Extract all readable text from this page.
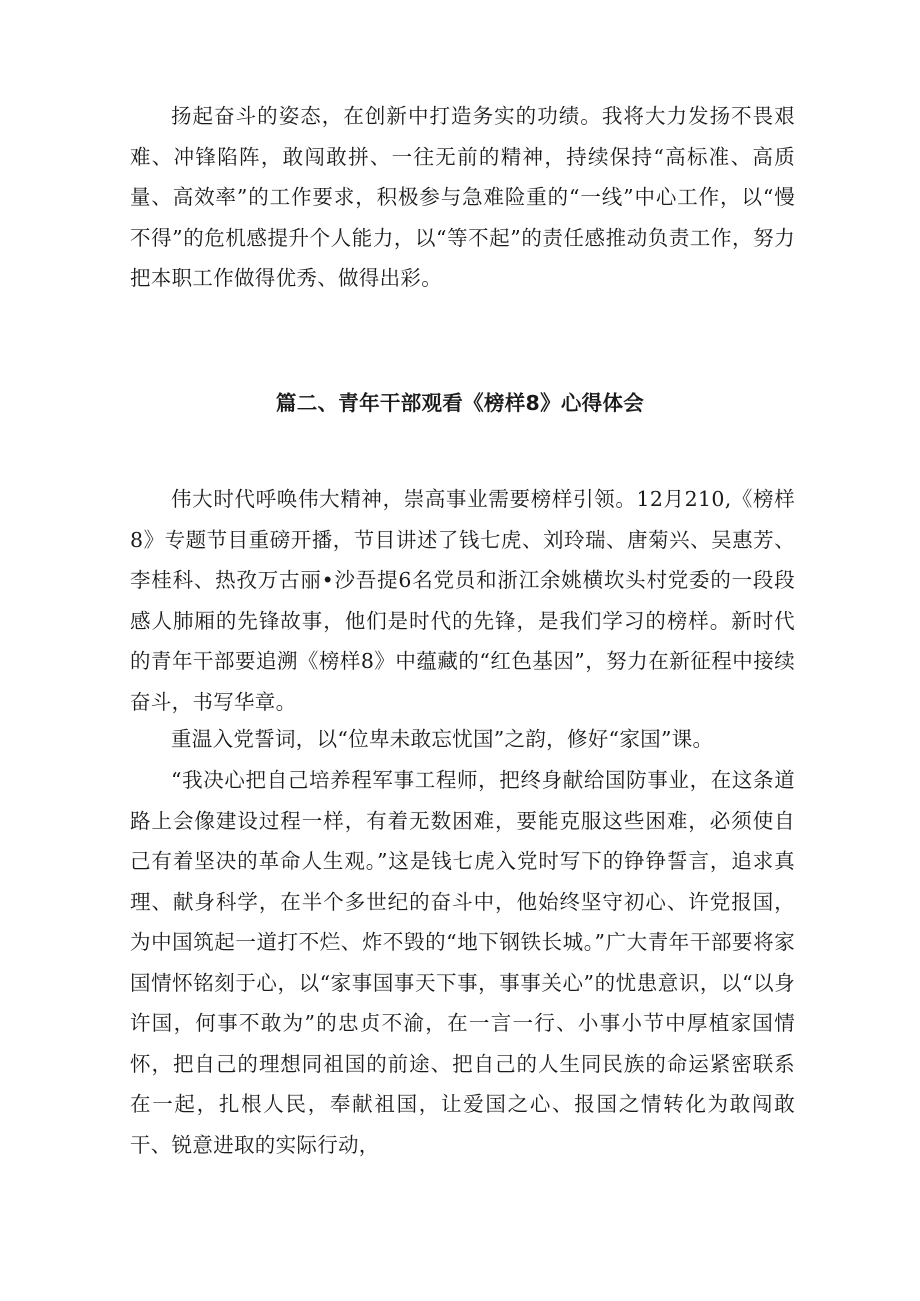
扬起奋斗的姿态，在创新中打造务实的功绩。我将大力发扬不畏艰难、冲锋陷阵，敢闯敢拼、一往无前的精神，持续保持“高标准、高质量、高效率”的工作要求，积极参与急难险重的“一线”中心工作，以“慢不得”的危机感提升个人能力，以“等不起”的责任感推动负责工作，努力把本职工作做得优秀、做得出彩。

篇二、青年干部观看《榜样8》心得体会

伟大时代呼唤伟大精神，崇高事业需要榜样引领。12月210,《榜样8》专题节目重磅开播，节目讲述了钱七虎、刘玲瑞、唐菊兴、吴惠芳、李桂科、热孜万古丽•沙吾提6名党员和浙江余姚横坎头村党委的一段段感人肺厢的先锋故事，他们是时代的先锋，是我们学习的榜样。新时代的青年干部要追溯《榜样8》中蕴藏的“红色基因”，努力在新征程中接续奋斗，书写华章。

重温入党誓词，以“位卑未敢忘忧国”之韵，修好“家国”课。

“我决心把自己培养程军事工程师，把终身献给国防事业，在这条道路上会像建设过程一样，有着无数困难，要能克服这些困难，必须使自己有着坚决的革命人生观。”这是钱七虎入党时写下的铮铮誓言，追求真理、献身科学，在半个多世纪的奋斗中，他始终坚守初心、许党报国，为中国筑起一道打不烂、炸不毁的“地下钢铁长城。”广大青年干部要将家国情怀铭刻于心，以“家事国事天下事，事事关心”的忧患意识，以“以身许国，何事不敢为”的忠贞不渝，在一言一行、小事小节中厚植家国情怀，把自己的理想同祖国的前途、把自己的人生同民族的命运紧密联系在一起，扎根人民，奉献祖国，让爱国之心、报国之情转化为敢闯敢干、锐意进取的实际行动，
